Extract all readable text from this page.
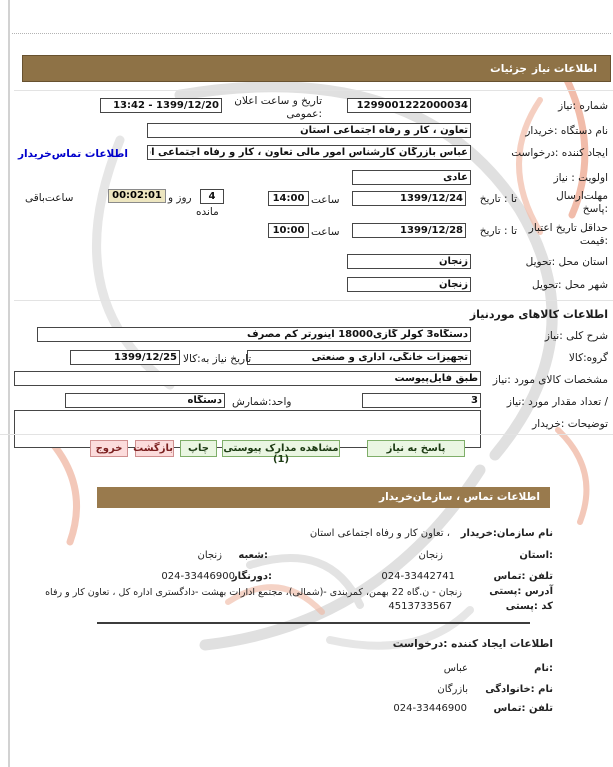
جزئیات اطلاعات نیاز
شماره :نیاز
1299001222000034
تاریخ و ساعت اعلان :عمومی
13:42 - 1399/12/20
نام دستگاه :خریدار
تعاون ، کار و رفاه اجتماعی استان
ایجاد کننده :درخواست
عباس بازرگان کارشناس امور مالی تعاون ، کار و رفاه اجتماعی استان
اطلاعات تماس‌خریدار
اولویت : نیاز
عادی
مهلت‌ارسال :پاسخ
تا : تاریخ
1399/12/24
ساعت
14:00
4
روز و
00:02:01
ساعت‌باقی
مانده
حداقل تاریخ اعتبار :قیمت
تا : تاریخ
1399/12/28
ساعت
10:00
استان محل :تحویل
زنجان
شهر محل :تحویل
زنجان
اطلاعات کالاهای موردنیاز
شرح کلی :نیاز
دستگاه3 کولر گازی18000 اینورتر کم مصرف
گروه:کالا
تجهیزات خانگی، اداری و صنعتی
تاریخ نیاز به:کالا
1399/12/25
مشخصات کالای مورد :نیاز
طبق فایل‌پیوست
/ تعداد مقدار مورد :نیاز
3
واحد:شمارش
دستگاه
توضیحات :خریدار
پاسخ به نیاز
مشاهده مدارک پیوستی (1)
چاپ
بازگشت
خروج
اطلاعات تماس ، سازمان‌خریدار
نام سازمان:خریدار
، تعاون کار و رفاه اجتماعی استان
:استان
زنجان
:شعبه
زنجان
تلفن :تماس
024-33442741
:دورنگار
024-33446900
آدرس :پستی
زنجان - ن.گاه 22 بهمن، کمربندی -(شمالی)، مجتمع ادارات بهشت -دادگستری اداره کل ، تعاون کار و رفاه
کد :پستی
4513733567
اطلاعات ایجاد کننده :درخواست
:نام
عباس
نام :خانوادگی
بازرگان
تلفن :تماس
024-33446900
